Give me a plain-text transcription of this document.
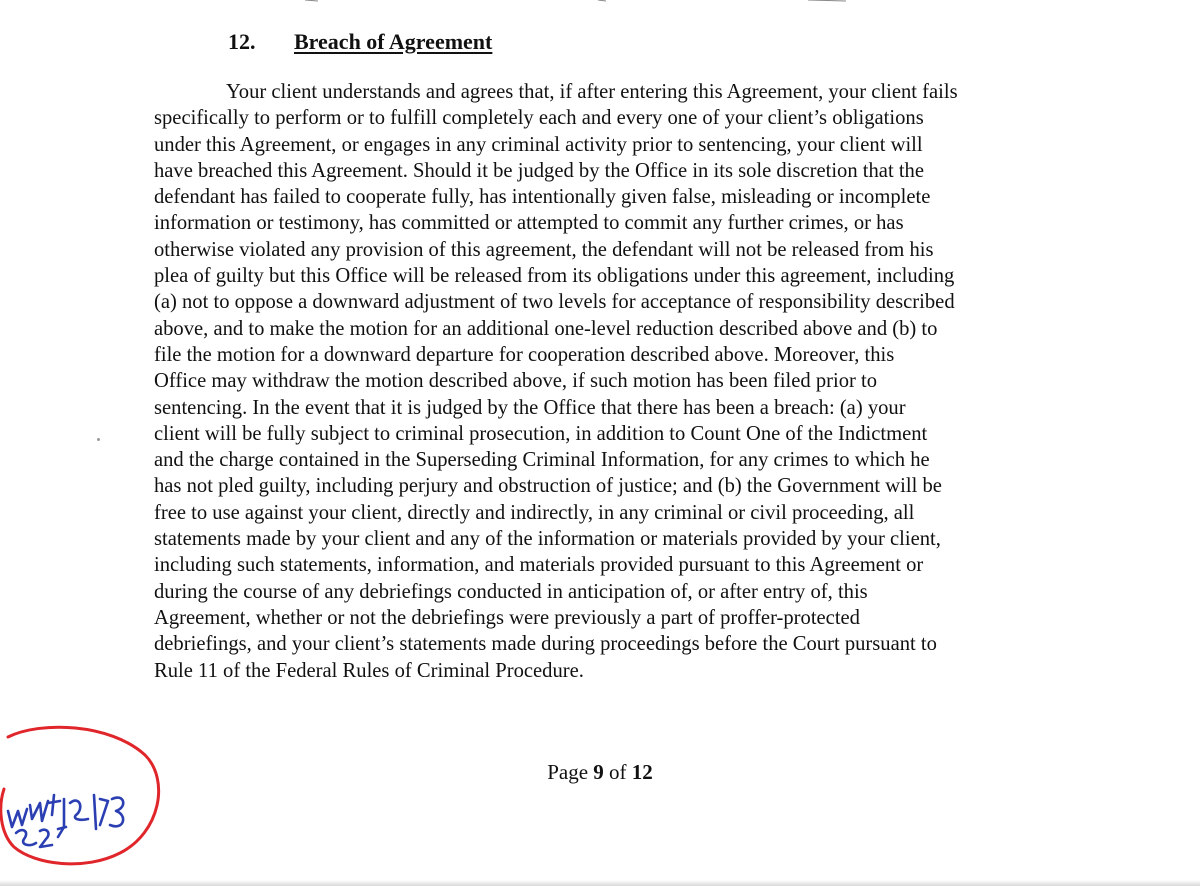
12. Breach of Agreement
Your client understands and agrees that, if after entering this Agreement, your client fails
specifically to perform or to fulfill completely each and every one of your client’s obligations
under this Agreement, or engages in any criminal activity prior to sentencing, your client will
have breached this Agreement. Should it be judged by the Office in its sole discretion that the
defendant has failed to cooperate fully, has intentionally given false, misleading or incomplete
information or testimony, has committed or attempted to commit any further crimes, or has
otherwise violated any provision of this agreement, the defendant will not be released from his
plea of guilty but this Office will be released from its obligations under this agreement, including
(a) not to oppose a downward adjustment of two levels for acceptance of responsibility described
above, and to make the motion for an additional one-level reduction described above and (b) to
file the motion for a downward departure for cooperation described above. Moreover, this
Office may withdraw the motion described above, if such motion has been filed prior to
sentencing. In the event that it is judged by the Office that there has been a breach: (a) your
client will be fully subject to criminal prosecution, in addition to Count One of the Indictment
and the charge contained in the Superseding Criminal Information, for any crimes to which he
has not pled guilty, including perjury and obstruction of justice; and (b) the Government will be
free to use against your client, directly and indirectly, in any criminal or civil proceeding, all
statements made by your client and any of the information or materials provided by your client,
including such statements, information, and materials provided pursuant to this Agreement or
during the course of any debriefings conducted in anticipation of, or after entry of, this
Agreement, whether or not the debriefings were previously a part of proffer-protected
debriefings, and your client’s statements made during proceedings before the Court pursuant to
Rule 11 of the Federal Rules of Criminal Procedure.
Page 9 of 12
